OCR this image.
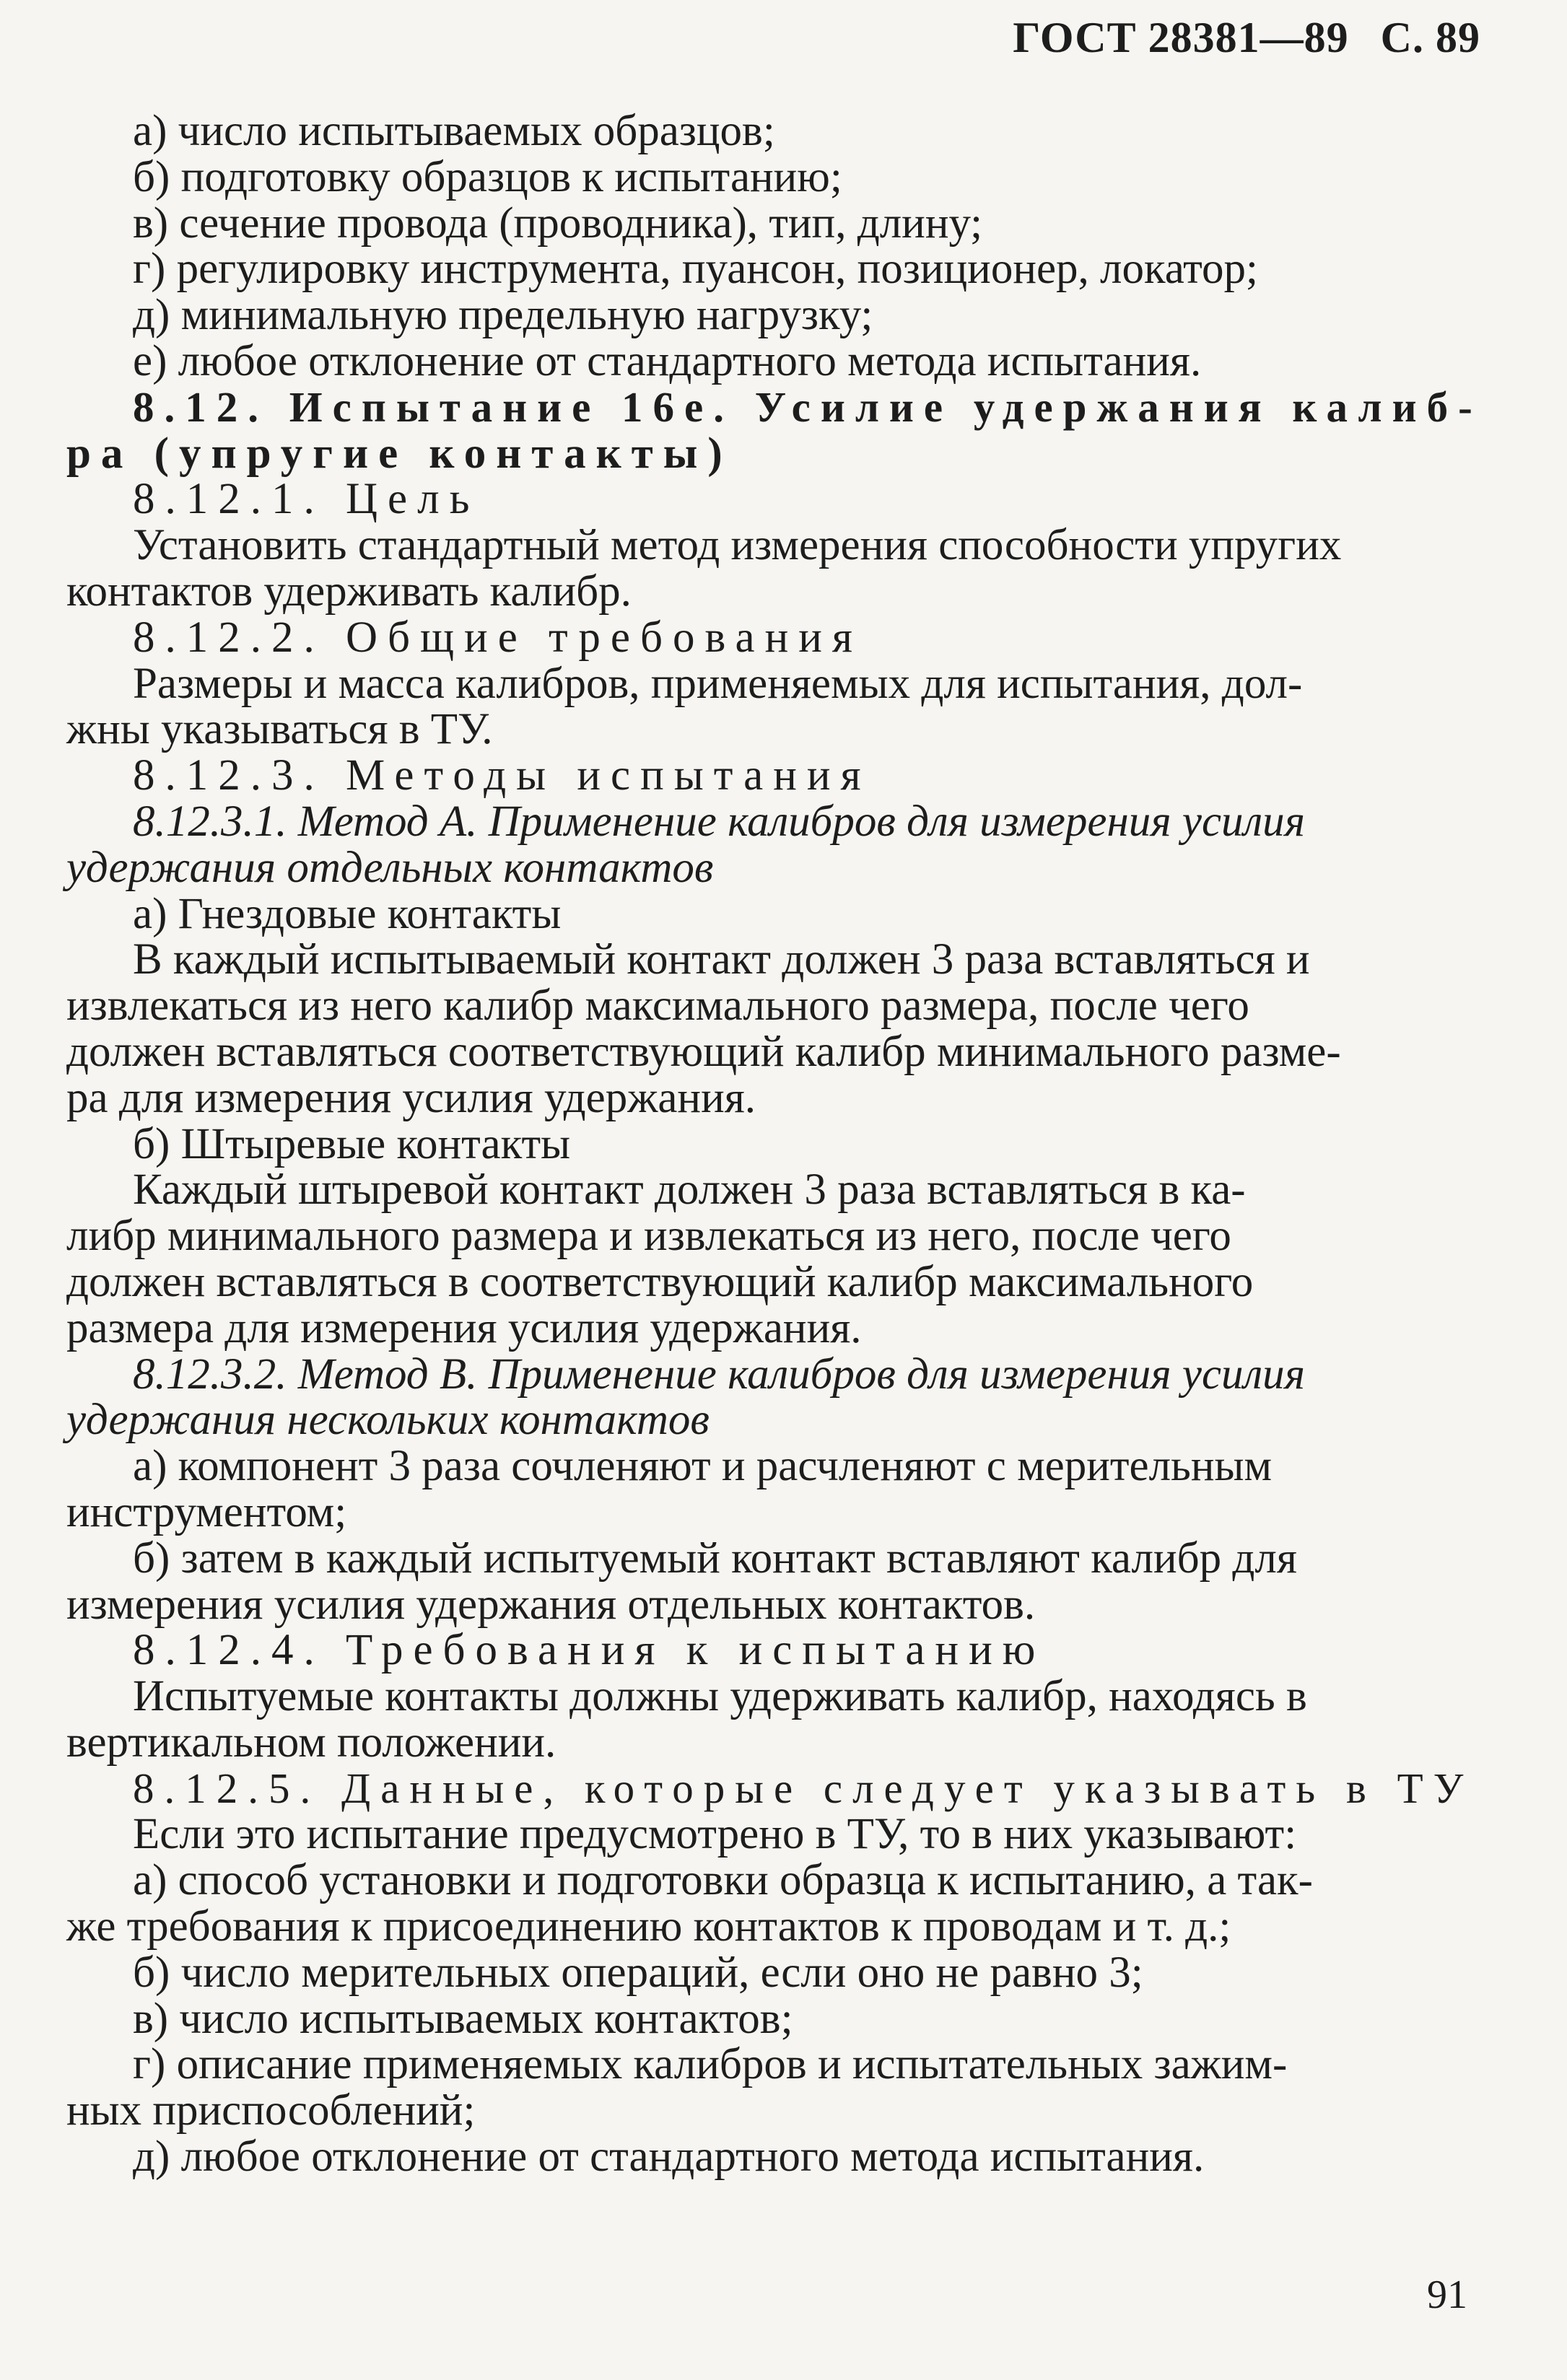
ГОСТ 28381—89 С. 89
а) число испытываемых образцов;
б) подготовку образцов к испытанию;
в) сечение провода (проводника), тип, длину;
г) регулировку инструмента, пуансон, позиционер, локатор;
д) минимальную предельную нагрузку;
е) любое отклонение от стандартного метода испытания.
8.12. Испытание 16е. Усилие удержания калиб-
ра (упругие контакты)
8.12.1. Цель
Установить стандартный метод измерения способности упругих
контактов удерживать калибр.
8.12.2. Общие требования
Размеры и масса калибров, применяемых для испытания, дол-
жны указываться в ТУ.
8.12.3. Методы испытания
8.12.3.1. Метод А. Применение калибров для измерения усилия
удержания отдельных контактов
а) Гнездовые контакты
В каждый испытываемый контакт должен 3 раза вставляться и
извлекаться из него калибр максимального размера, после чего
должен вставляться соответствующий калибр минимального разме-
ра для измерения усилия удержания.
б) Штыревые контакты
Каждый штыревой контакт должен 3 раза вставляться в ка-
либр минимального размера и извлекаться из него, после чего
должен вставляться в соответствующий калибр максимального
размера для измерения усилия удержания.
8.12.3.2. Метод В. Применение калибров для измерения усилия
удержания нескольких контактов
а) компонент 3 раза сочленяют и расчленяют с мерительным
инструментом;
б) затем в каждый испытуемый контакт вставляют калибр для
измерения усилия удержания отдельных контактов.
8.12.4. Требования к испытанию
Испытуемые контакты должны удерживать калибр, находясь в
вертикальном положении.
8.12.5. Данные, которые следует указывать в ТУ
Если это испытание предусмотрено в ТУ, то в них указывают:
а) способ установки и подготовки образца к испытанию, а так-
же требования к присоединению контактов к проводам и т. д.;
б) число мерительных операций, если оно не равно 3;
в) число испытываемых контактов;
г) описание применяемых калибров и испытательных зажим-
ных приспособлений;
д) любое отклонение от стандартного метода испытания.
91
